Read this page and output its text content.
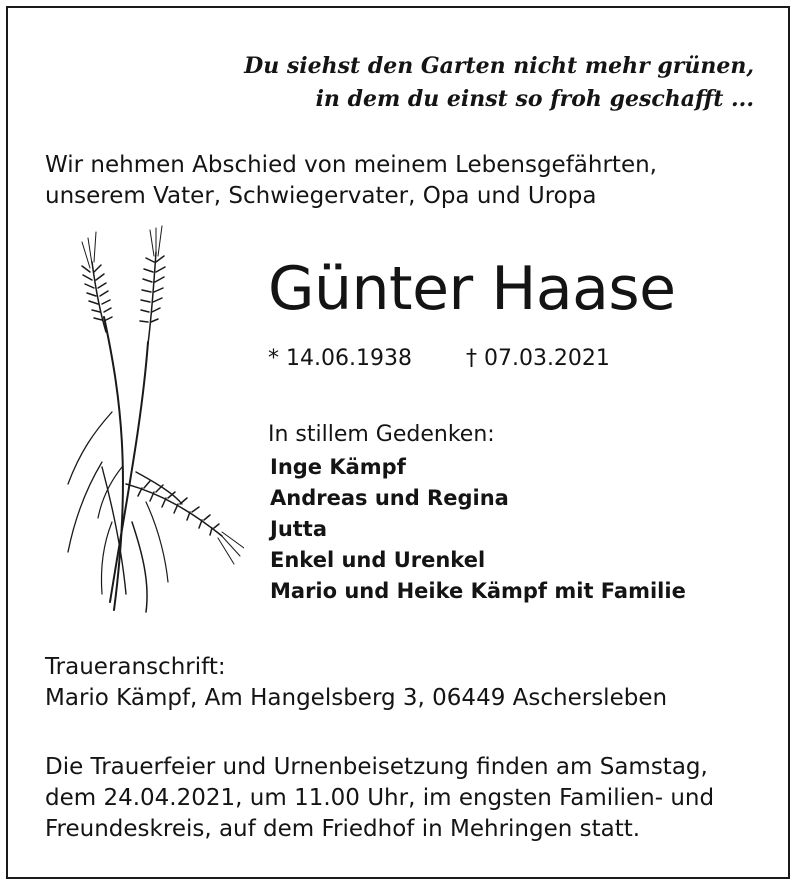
Du siehst den Garten nicht mehr grünen,
in dem du einst so froh geschafft ...
Wir nehmen Abschied von meinem Lebensgefährten,
unserem Vater, Schwiegervater, Opa und Uropa
Günter Haase
* 14.06.1938 † 07.03.2021
In stillem Gedenken:
Inge Kämpf
Andreas und Regina
Jutta
Enkel und Urenkel
Mario und Heike Kämpf mit Familie
Traueranschrift:
Mario Kämpf, Am Hangelsberg 3, 06449 Aschersleben
Die Trauerfeier und Urnenbeisetzung finden am Samstag,
dem 24.04.2021, um 11.00 Uhr, im engsten Familien- und
Freundeskreis, auf dem Friedhof in Mehringen statt.
